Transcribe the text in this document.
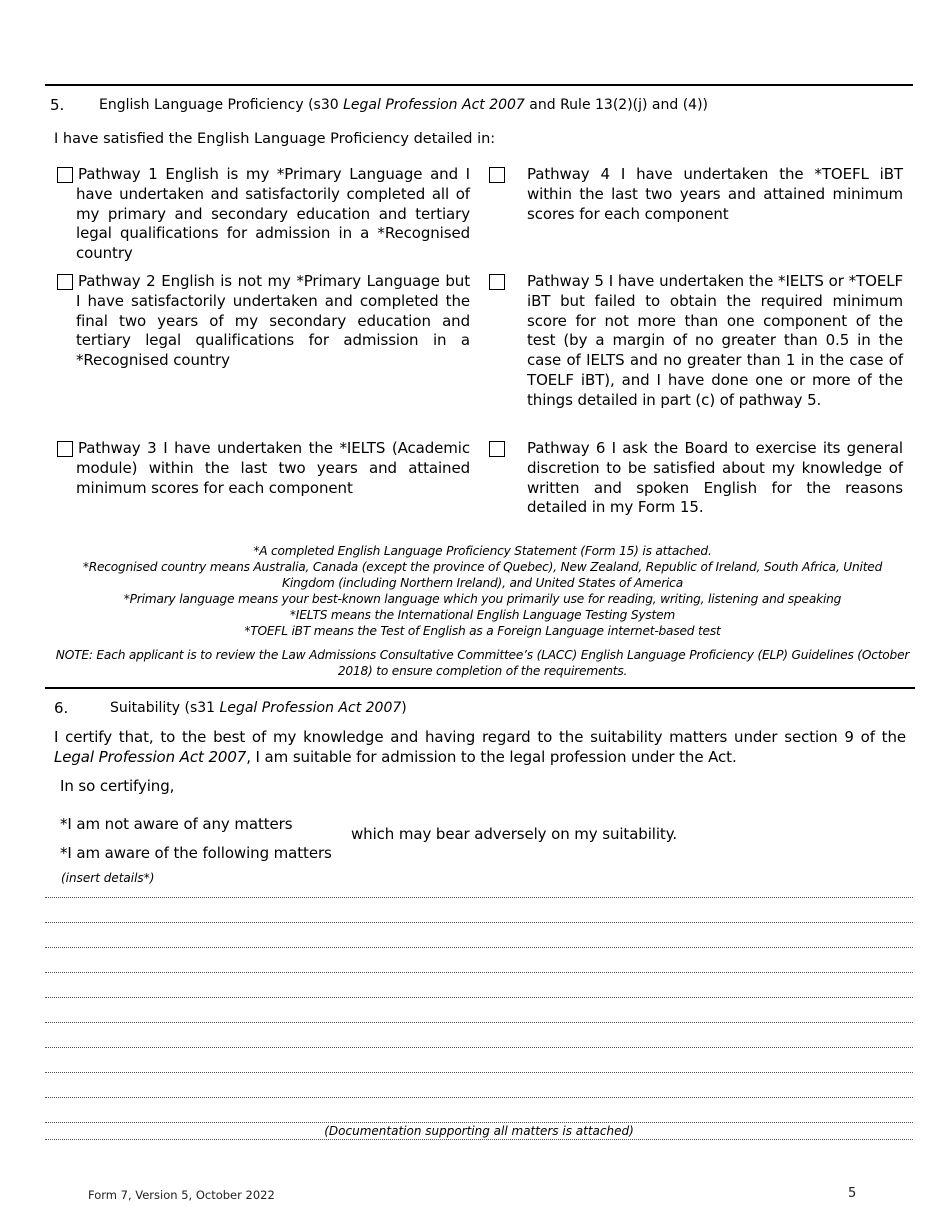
5. English Language Proficiency (s30 Legal Profession Act 2007 and Rule 13(2)(j) and (4))
I have satisfied the English Language Proficiency detailed in:
Pathway 1 English is my *Primary Language and I have undertaken and satisfactorily completed all of my primary and secondary education and tertiary legal qualifications for admission in a *Recognised country
Pathway 4 I have undertaken the *TOEFL iBT within the last two years and attained minimum scores for each component
Pathway 2 English is not my *Primary Language but I have satisfactorily undertaken and completed the final two years of my secondary education and tertiary legal qualifications for admission in a *Recognised country
Pathway 5 I have undertaken the *IELTS or *TOELF iBT but failed to obtain the required minimum score for not more than one component of the test (by a margin of no greater than 0.5 in the case of IELTS and no greater than 1 in the case of TOELF iBT), and I have done one or more of the things detailed in part (c) of pathway 5.
Pathway 3 I have undertaken the *IELTS (Academic module) within the last two years and attained minimum scores for each component
Pathway 6 I ask the Board to exercise its general discretion to be satisfied about my knowledge of written and spoken English for the reasons detailed in my Form 15.
*A completed English Language Proficiency Statement (Form 15) is attached.
*Recognised country means Australia, Canada (except the province of Quebec), New Zealand, Republic of Ireland, South Africa, United Kingdom (including Northern Ireland), and United States of America
*Primary language means your best-known language which you primarily use for reading, writing, listening and speaking
*IELTS means the International English Language Testing System
*TOEFL iBT means the Test of English as a Foreign Language internet-based test
NOTE: Each applicant is to review the Law Admissions Consultative Committee’s (LACC) English Language Proficiency (ELP) Guidelines (October 2018) to ensure completion of the requirements.
6.	Suitability (s31 Legal Profession Act 2007)
I certify that, to the best of my knowledge and having regard to the suitability matters under section 9 of the Legal Profession Act 2007, I am suitable for admission to the legal profession under the Act.
In so certifying,
*I am not aware of any matters
*I am aware of the following matters
which may bear adversely on my suitability.
(insert details*)
(Documentation supporting all matters is attached)
Form 7, Version 5, October 2022	5
